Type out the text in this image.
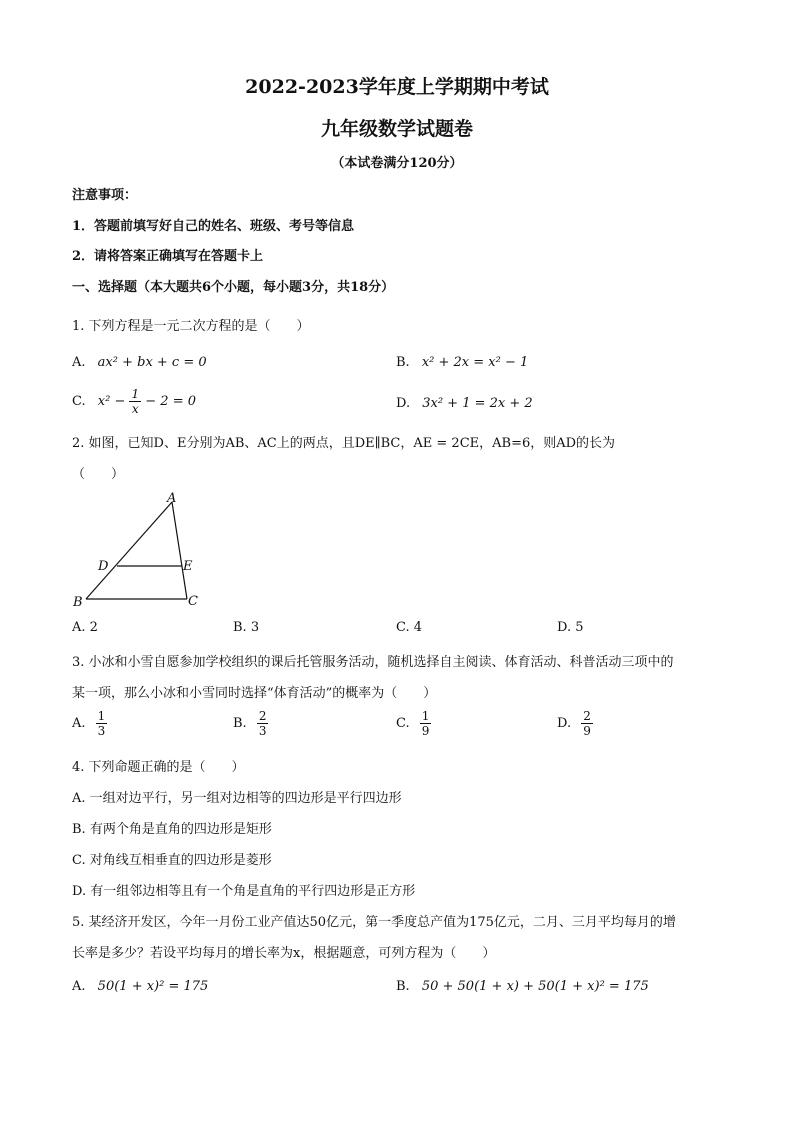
2022-2023学年度上学期期中考试
九年级数学试题卷
（本试卷满分120分）
注意事项：
1．答题前填写好自己的姓名、班级、考号等信息
2．请将答案正确填写在答题卡上
一、选择题（本大题共6个小题，每小题3分，共18分）
1. 下列方程是一元二次方程的是（　　）
A. ax² + bx + c = 0	B. x² + 2x = x² − 1
C. $x^2 - \frac{1}{x} - 2 = 0$	D. 3x² + 1 = 2x + 2
2. 如图，已知D、E分别为AB、AC上的两点，且DE∥BC，AE = 2CE，AB=6，则AD的长为
（　　）
A
B	C
D	E
A. 2	B. 3	C. 4	D. 5
3. 小冰和小雪自愿参加学校组织的课后托管服务活动，随机选择自主阅读、体育活动、科普活动三项中的
某一项，那么小冰和小雪同时选择“体育活动”的概率为（　　）
A. $\frac{1}{3}$	B. $\frac{2}{3}$	C. $\frac{1}{9}$	D. $\frac{2}{9}$
4. 下列命题正确的是（　　）
A. 一组对边平行，另一组对边相等的四边形是平行四边形
B. 有两个角是直角的四边形是矩形
C. 对角线互相垂直的四边形是菱形
D. 有一组邻边相等且有一个角是直角的平行四边形是正方形
5. 某经济开发区，今年一月份工业产值达50亿元，第一季度总产值为175亿元，二月、三月平均每月的增
长率是多少？若设平均每月的增长率为x，根据题意，可列方程为（　　）
A. 50(1 + x)² = 175	B. 50 + 50(1 + x) + 50(1 + x)² = 175
